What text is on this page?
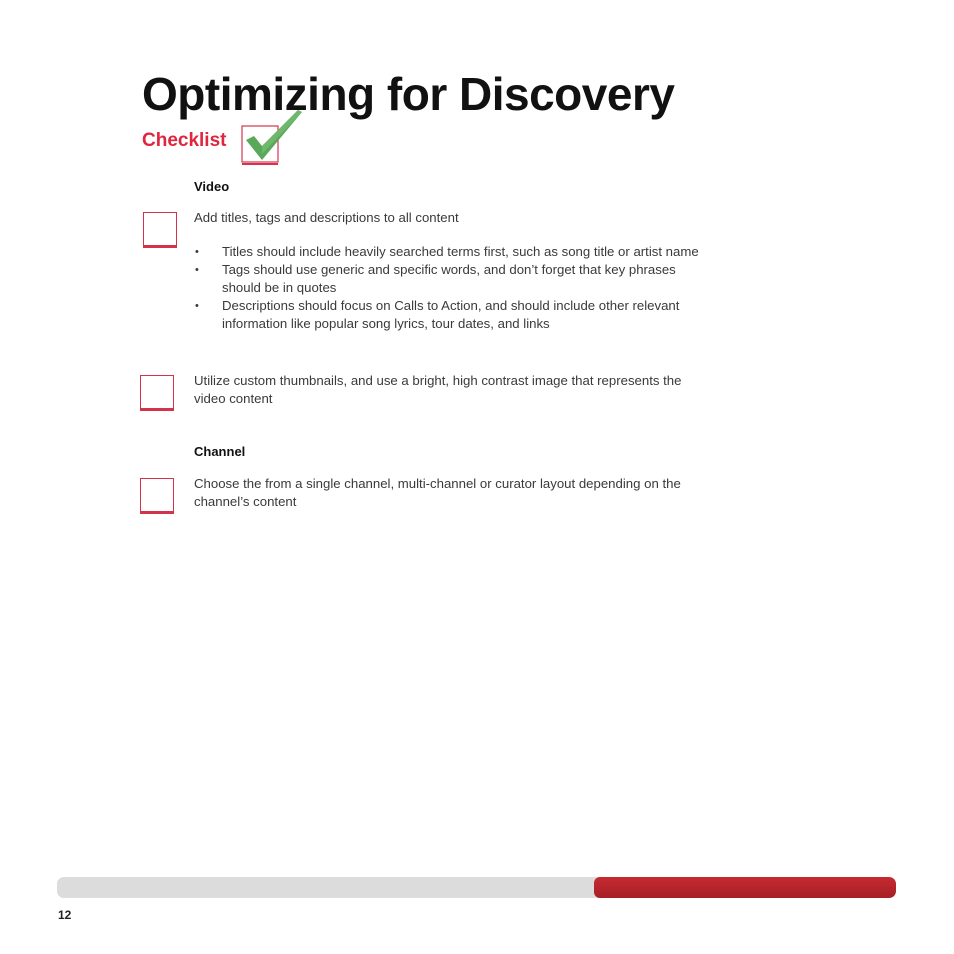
Optimizing for Discovery
Checklist
Video
Add titles, tags and descriptions to all content
• Titles should include heavily searched terms first, such as song title or artist name
• Tags should use generic and specific words, and don’t forget that key phrases should be in quotes
• Descriptions should focus on Calls to Action, and should include other relevant information like popular song lyrics, tour dates, and links
Utilize custom thumbnails, and use a bright, high contrast image that represents the video content
Channel
Choose the from a single channel, multi-channel or curator layout depending on the channel’s content
12
